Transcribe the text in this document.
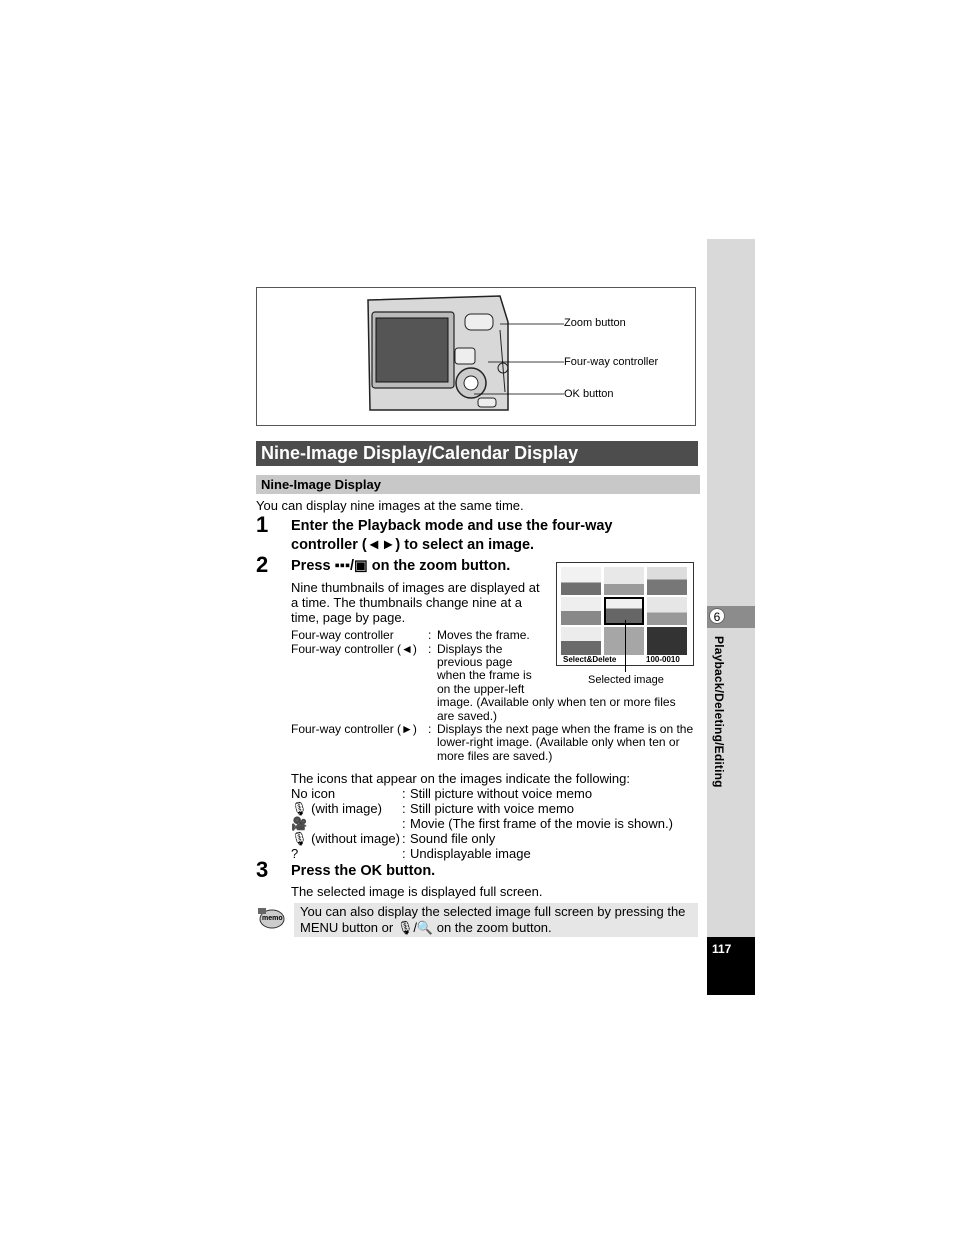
6
Playback/Deleting/Editing
117
Zoom button
Four-way controller
OK button
Nine-Image Display/Calendar Display
Nine-Image Display
You can display nine images at the same time.
1 Enter the Playback mode and use the four-way
controller (◄►) to select an image.
2 Press ▪▪▪/▣ on the zoom button.
Nine thumbnails of images are displayed at
a time. The thumbnails change nine at a
time, page by page.
Four-way controller	: Moves the frame.
Four-way controller (◄) : Displays the
previous page
when the frame is
on the upper-left
image. (Available only when ten or more files
are saved.)
Four-way controller (►) : Displays the next page when the frame is on the
lower-right image. (Available only when ten or
more files are saved.)
Select&Delete	100-0010
Selected image
The icons that appear on the images indicate the following:
No icon	: Still picture without voice memo
🎙 (with image) : Still picture with voice memo
🎥	: Movie (The first frame of the movie is shown.)
🎙 (without image) : Sound file only
?	: Undisplayable image
3 Press the OK button.
The selected image is displayed full screen.
memo You can also display the selected image full screen by pressing the
MENU button or 🎙/🔍 on the zoom button.
